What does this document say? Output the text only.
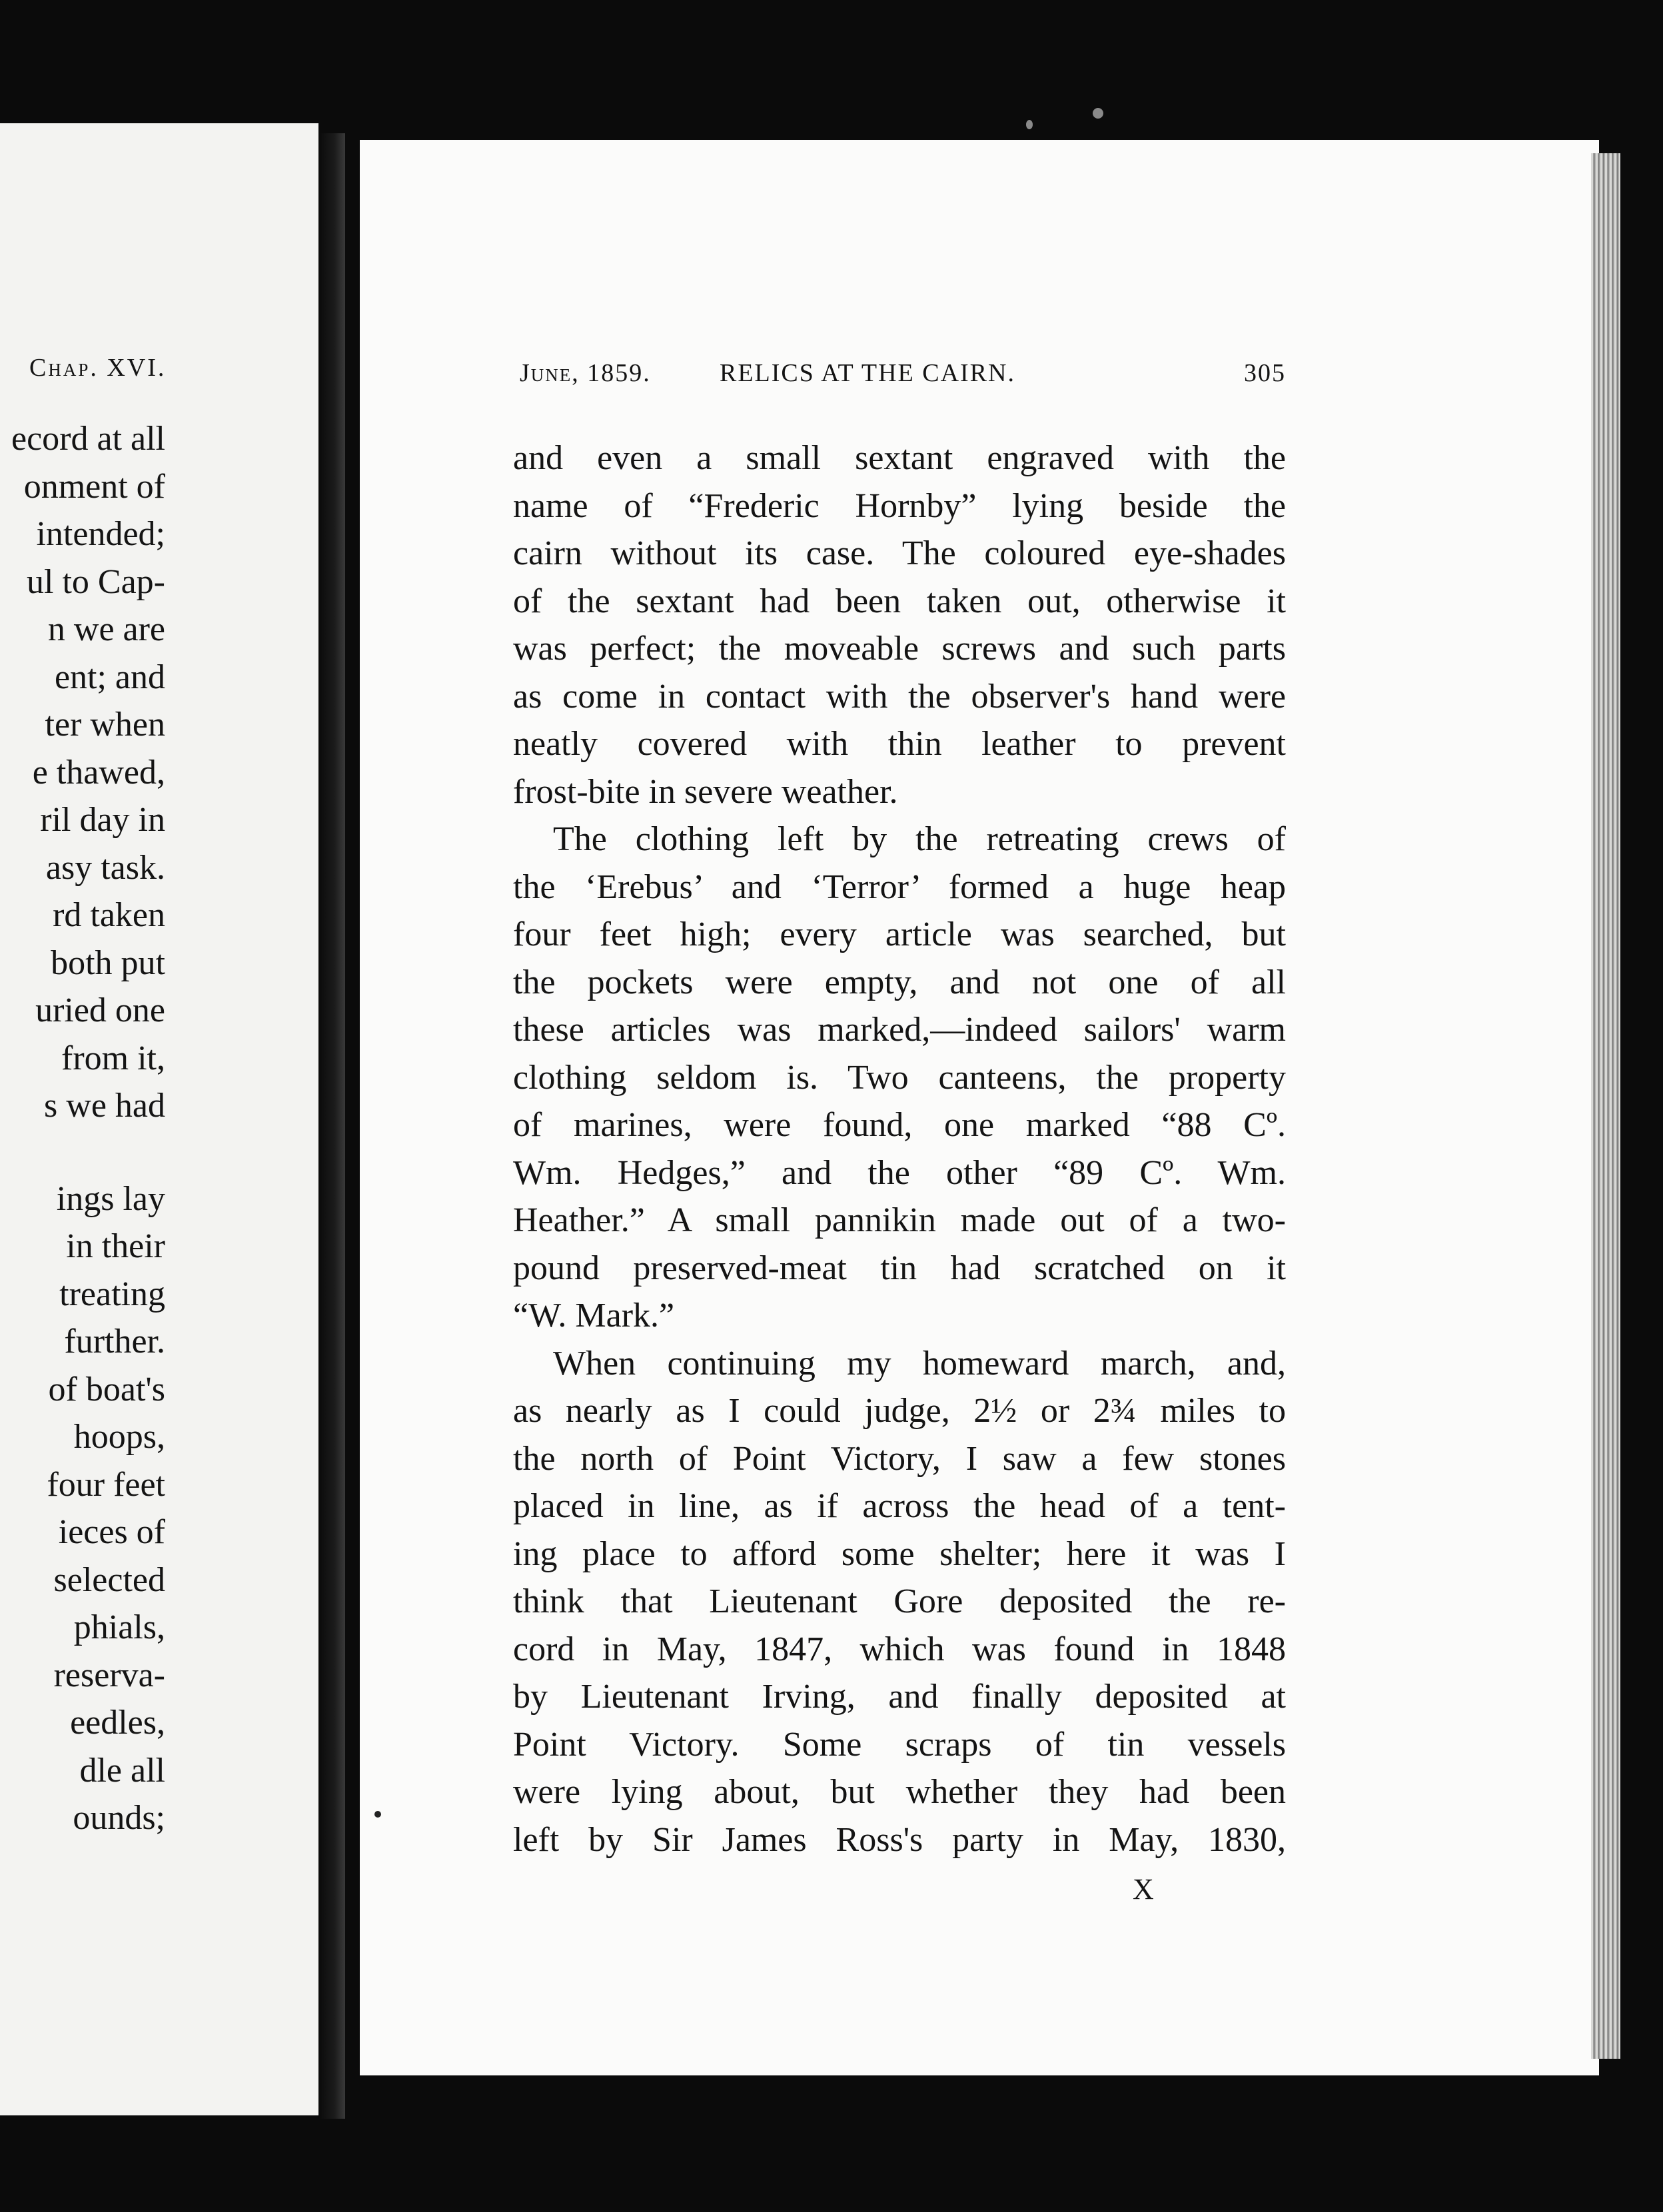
Chap. XVI.
ecord at all
onment of
intended;
ul to Cap-
n we are
ent; and
ter when
e thawed,
ril day in
asy task.
rd taken
both put
uried one
from it,
s we had
ings lay
in their
treating
further.
of boat's
hoops,
four feet
ieces of
selected
phials,
reserva-
eedles,
dle all
ounds;
June, 1859.	RELICS AT THE CAIRN.	305
and even a small sextant engraved with the
name of “Frederic Hornby” lying beside the
cairn without its case. The coloured eye-shades
of the sextant had been taken out, otherwise it
was perfect; the moveable screws and such parts
as come in contact with the observer's hand were
neatly covered with thin leather to prevent
frost-bite in severe weather.
The clothing left by the retreating crews of
the ‘Erebus’ and ‘Terror’ formed a huge heap
four feet high; every article was searched, but
the pockets were empty, and not one of all
these articles was marked,—indeed sailors' warm
clothing seldom is. Two canteens, the property
of marines, were found, one marked “88 Cº.
Wm. Hedges,” and the other “89 Cº. Wm.
Heather.” A small pannikin made out of a two-
pound preserved-meat tin had scratched on it
“W. Mark.”
When continuing my homeward march, and,
as nearly as I could judge, 2½ or 2¾ miles to
the north of Point Victory, I saw a few stones
placed in line, as if across the head of a tent-
ing place to afford some shelter; here it was I
think that Lieutenant Gore deposited the re-
cord in May, 1847, which was found in 1848
by Lieutenant Irving, and finally deposited at
Point Victory. Some scraps of tin vessels
were lying about, but whether they had been
left by Sir James Ross's party in May, 1830,
X
